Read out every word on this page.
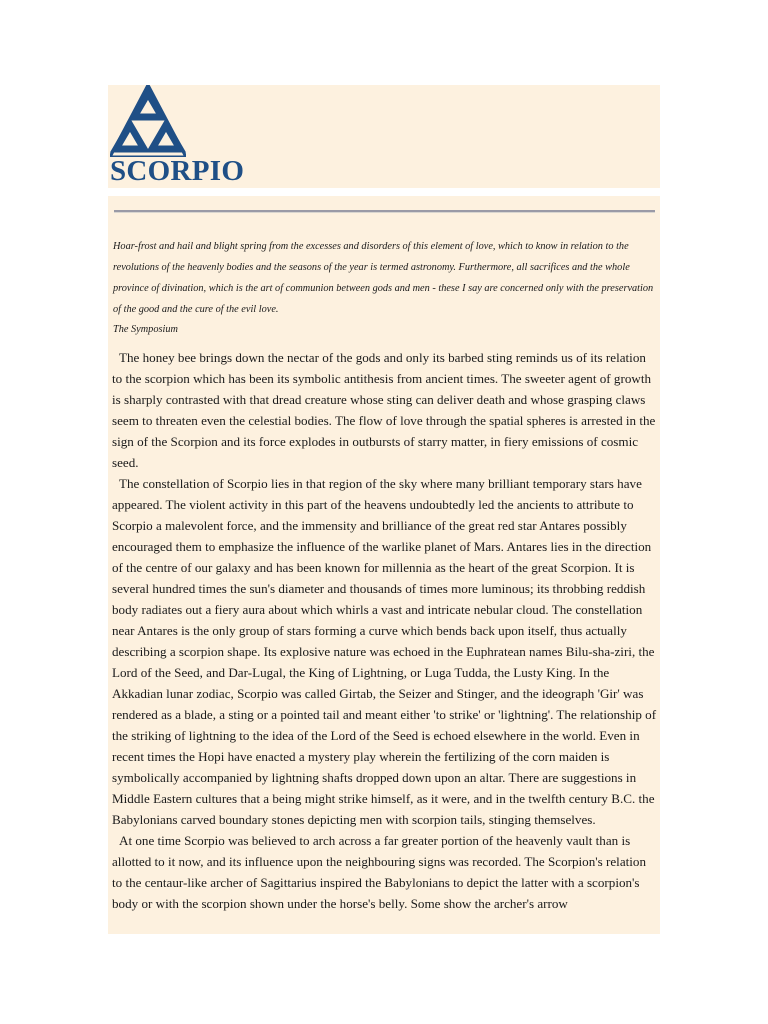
SCORPIO

Hoar-frost and hail and blight spring from the excesses and disorders of this element of love, which to know in relation to the revolutions of the heavenly bodies and the seasons of the year is termed astronomy. Furthermore, all sacrifices and the whole province of divination, which is the art of communion between gods and men - these I say are concerned only with the preservation of the good and the cure of the evil love.

The Symposium

The honey bee brings down the nectar of the gods and only its barbed sting reminds us of its relation to the scorpion which has been its symbolic antithesis from ancient times. The sweeter agent of growth is sharply contrasted with that dread creature whose sting can deliver death and whose grasping claws seem to threaten even the celestial bodies. The flow of love through the spatial spheres is arrested in the sign of the Scorpion and its force explodes in outbursts of starry matter, in fiery emissions of cosmic seed.

The constellation of Scorpio lies in that region of the sky where many brilliant temporary stars have appeared. The violent activity in this part of the heavens undoubtedly led the ancients to attribute to Scorpio a malevolent force, and the immensity and brilliance of the great red star Antares possibly encouraged them to emphasize the influence of the warlike planet of Mars. Antares lies in the direction of the centre of our galaxy and has been known for millennia as the heart of the great Scorpion. It is several hundred times the sun's diameter and thousands of times more luminous; its throbbing reddish body radiates out a fiery aura about which whirls a vast and intricate nebular cloud. The constellation near Antares is the only group of stars forming a curve which bends back upon itself, thus actually describing a scorpion shape. Its explosive nature was echoed in the Euphratean names Bilu-sha-ziri, the Lord of the Seed, and Dar-Lugal, the King of Lightning, or Luga Tudda, the Lusty King. In the Akkadian lunar zodiac, Scorpio was called Girtab, the Seizer and Stinger, and the ideograph 'Gir' was rendered as a blade, a sting or a pointed tail and meant either 'to strike' or 'lightning'. The relationship of the striking of lightning to the idea of the Lord of the Seed is echoed elsewhere in the world. Even in recent times the Hopi have enacted a mystery play wherein the fertilizing of the corn maiden is symbolically accompanied by lightning shafts dropped down upon an altar. There are suggestions in Middle Eastern cultures that a being might strike himself, as it were, and in the twelfth century B.C. the Babylonians carved boundary stones depicting men with scorpion tails, stinging themselves.

At one time Scorpio was believed to arch across a far greater portion of the heavenly vault than is allotted to it now, and its influence upon the neighbouring signs was recorded. The Scorpion's relation to the centaur-like archer of Sagittarius inspired the Babylonians to depict the latter with a scorpion's body or with the scorpion shown under the horse's belly. Some show the archer's arrow
